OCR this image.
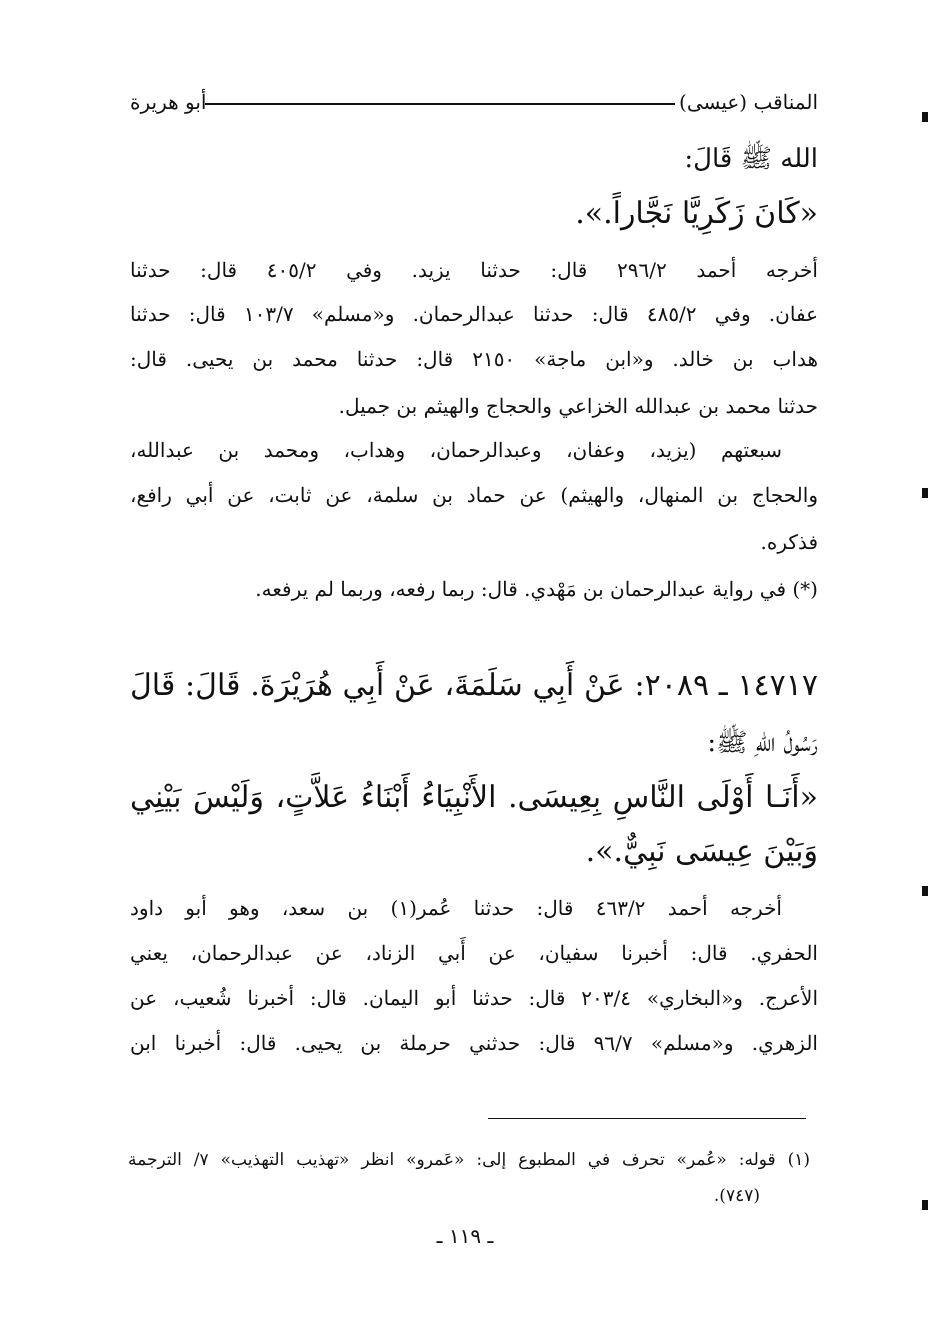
المناقب (عيسى)
أبو هريرة
الله ﷺ قَالَ:
«كَانَ زَكَرِيَّا نَجَّاراً.».
أخرجه أحمد ٢٩٦/٢ قال: حدثنا يزيد. وفي ٤٠٥/٢ قال: حدثنا
عفان. وفي ٤٨٥/٢ قال: حدثنا عبدالرحمان. و«مسلم» ١٠٣/٧ قال: حدثنا
هداب بن خالد. و«ابن ماجة» ٢١٥٠ قال: حدثنا محمد بن يحيى. قال:
حدثنا محمد بن عبدالله الخزاعي والحجاج والهيثم بن جميل.
سبعتهم (يزيد، وعفان، وعبدالرحمان، وهداب، ومحمد بن عبدالله،
والحجاج بن المنهال، والهيثم) عن حماد بن سلمة، عن ثابت، عن أبي رافع،
فذكره.
(*) في رواية عبدالرحمان بن مَهْدي. قال: ربما رفعه، وربما لم يرفعه.
١٤٧١٧ ـ ٢٠٨٩: عَنْ أَبِي سَلَمَةَ، عَنْ أَبِي هُرَيْرَةَ. قَالَ: قَالَ
رَسُولُ اللهِ ﷺ:
«أَنَـا أَوْلَى النَّاسِ بِعِيسَى. الأَنْبِيَاءُ أَبْنَاءُ عَلاَّتٍ، وَلَيْسَ بَيْنِي
وَبَيْنَ عِيسَى نَبِيٌّ.».
أخرجه أحمد ٤٦٣/٢ قال: حدثنا عُمر(١) بن سعد، وهو أبو داود
الحفري. قال: أخبرنا سفيان، عن أَبي الزناد، عن عبدالرحمان، يعني
الأعرج. و«البخاري» ٢٠٣/٤ قال: حدثنا أبو اليمان. قال: أخبرنا شُعيب، عن
الزهري. و«مسلم» ٩٦/٧ قال: حدثني حرملة بن يحيى. قال: أخبرنا ابن
(١) قوله: «عُمر» تحرف في المطبوع إلى: «عَمرو» انظر «تهذيب التهذيب» ٧/ الترجمة
(٧٤٧).
ـ ١١٩ ـ
